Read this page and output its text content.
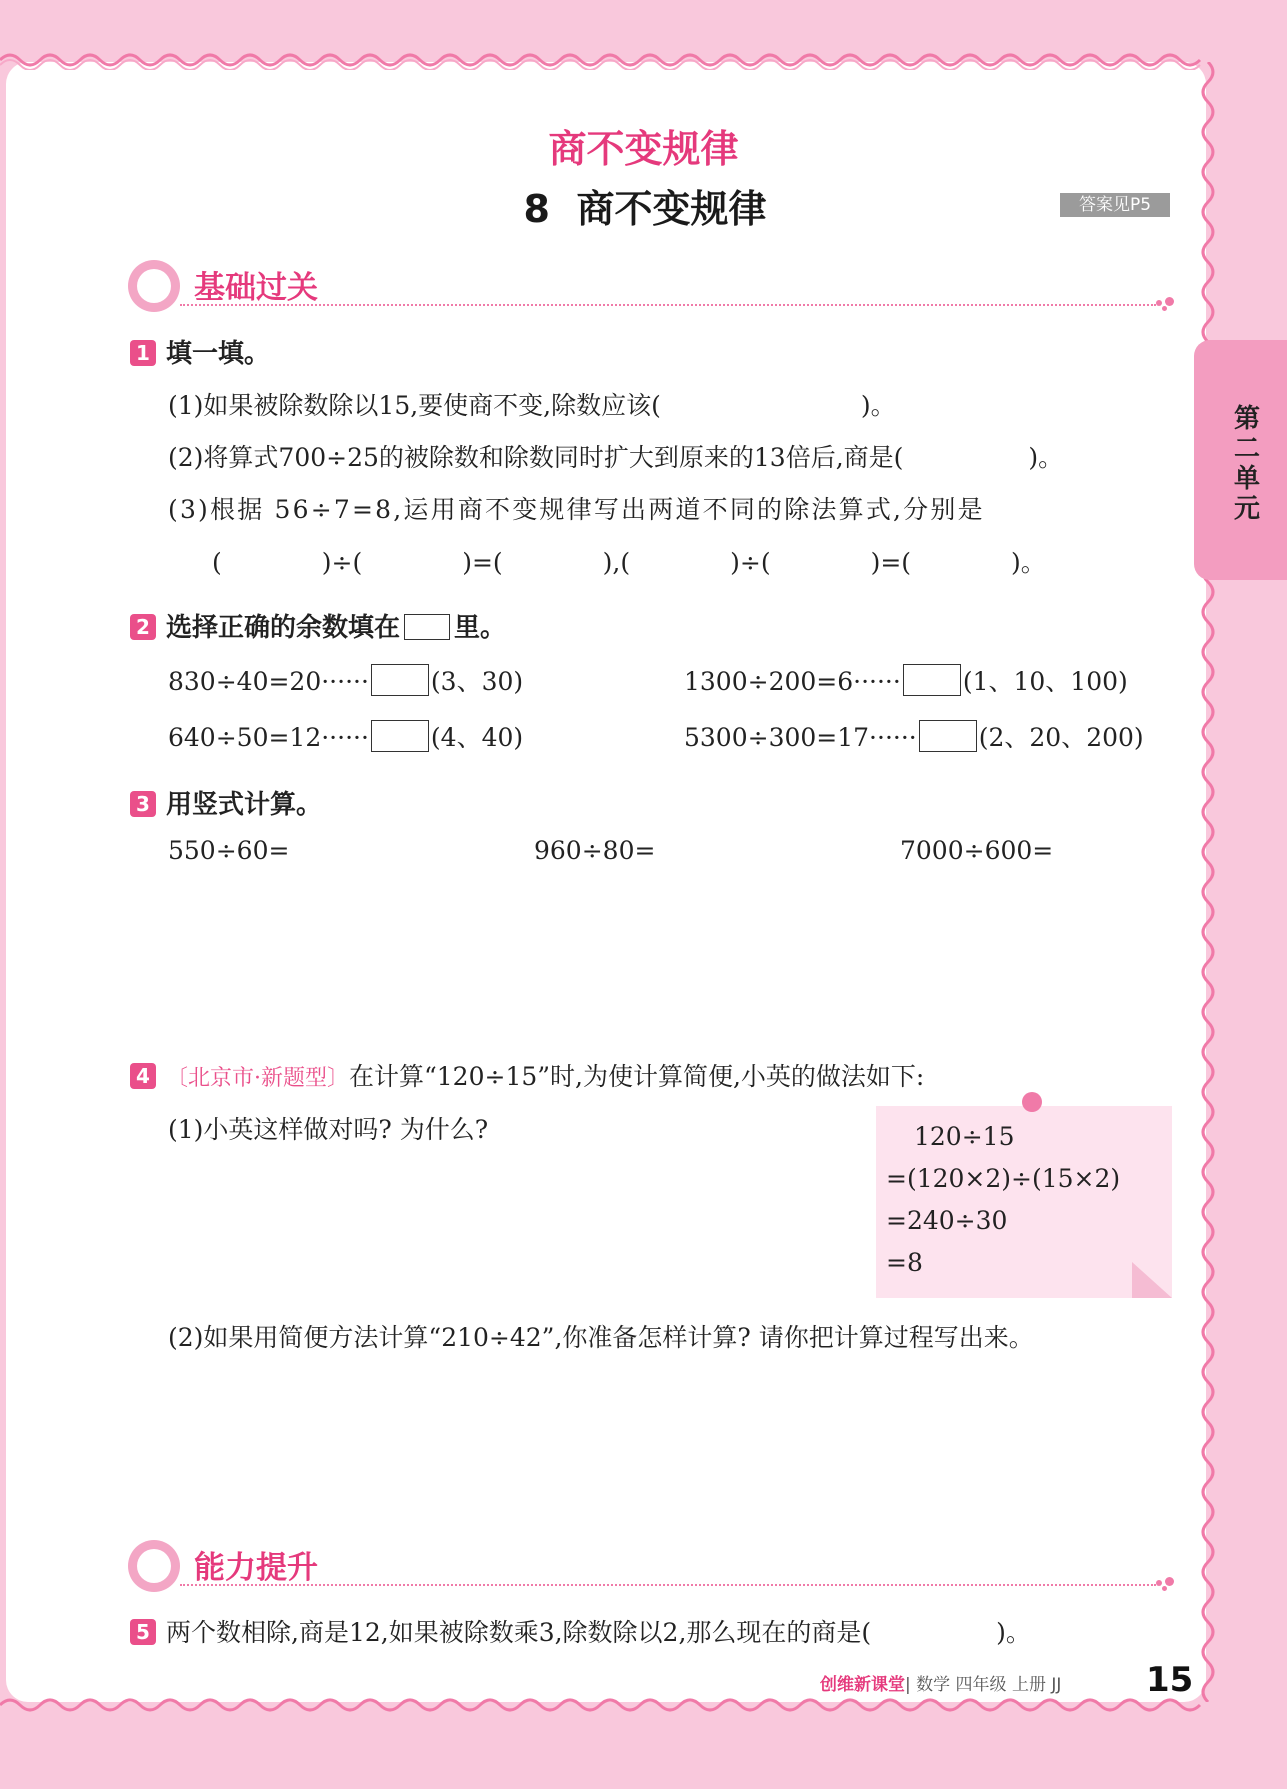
商不变规律
8 商不变规律	答案见P5
第二单元
基础过关
1 填一填。
(1)如果被除数除以15,要使商不变,除数应该(　　　　　　　　)。
(2)将算式700÷25的被除数和除数同时扩大到原来的13倍后,商是(　　　　　)。
(3)根据 56÷7=8,运用商不变规律写出两道不同的除法算式,分别是
(　　　　)÷(　　　　)=(　　　　),(　　　　)÷(　　　　)=(　　　　)。
2 选择正确的余数填在 里。
830÷40=20······ (3、30)	1300÷200=6······ (1、10、100)
640÷50=12······ (4、40)	5300÷300=17······ (2、20、200)
3 用竖式计算。
550÷60=	960÷80=	7000÷600=
4 〔北京市·新题型〕在计算“120÷15”时,为使计算简便,小英的做法如下:
(1)小英这样做对吗? 为什么?	120÷15
=(120×2)÷(15×2)
=240÷30
=8
(2)如果用简便方法计算“210÷42”,你准备怎样计算? 请你把计算过程写出来。
能力提升
5 两个数相除,商是12,如果被除数乘3,除数除以2,那么现在的商是(　　　　　)。
创维新课堂| 数学 四年级 上册 JJ 15
